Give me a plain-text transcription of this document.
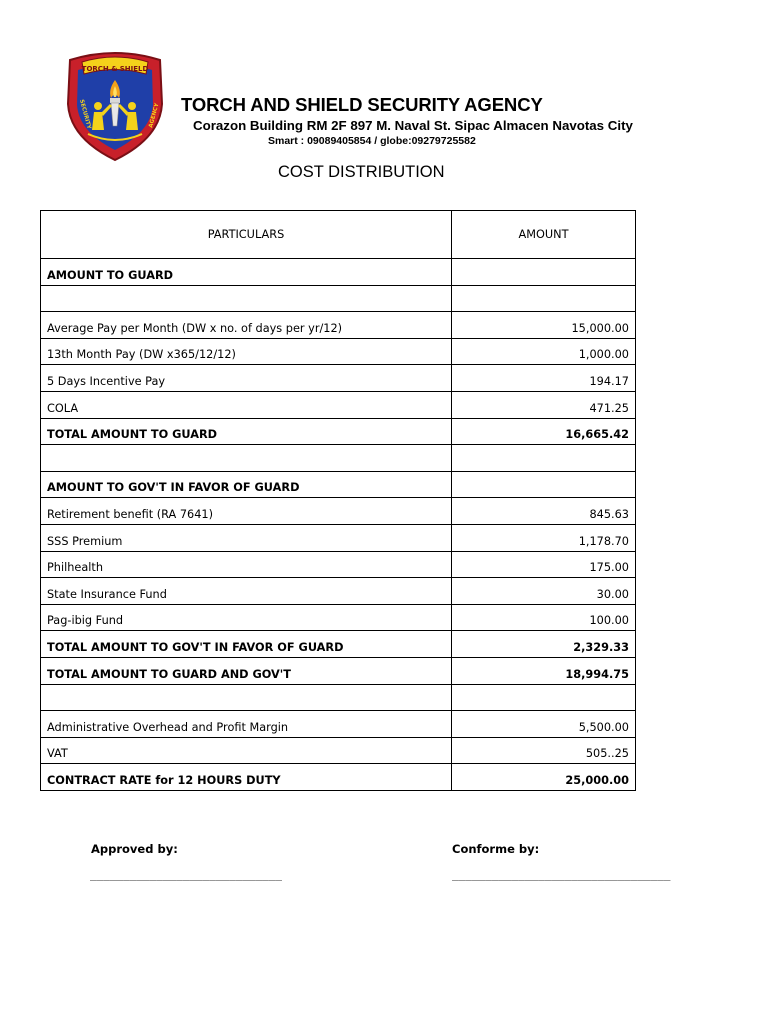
TORCH & SHIELD
SECURITY	AGENCY TORCH AND SHIELD SECURITY AGENCY
Corazon Building RM 2F 897 M. Naval St. Sipac Almacen Navotas City
Smart : 09089405854 / globe:09279725582
COST DISTRIBUTION
PARTICULARS	AMOUNT
AMOUNT TO GUARD	

Average Pay per Month (DW x no. of days per yr/12)	15,000.00
13th Month Pay (DW x365/12/12)	1,000.00
5 Days Incentive Pay	194.17
COLA	471.25
TOTAL AMOUNT TO GUARD	16,665.42

AMOUNT TO GOV'T IN FAVOR OF GUARD	
Retirement benefit (RA 7641)	845.63
SSS Premium	1,178.70
Philhealth	175.00
State Insurance Fund	30.00
Pag-ibig Fund	100.00
TOTAL AMOUNT TO GOV'T IN FAVOR OF GUARD	2,329.33
TOTAL AMOUNT TO GUARD AND GOV'T	18,994.75

Administrative Overhead and Profit Margin	5,500.00
VAT	505..25
CONTRACT RATE for 12 HOURS DUTY	25,000.00
Approved by:
_____________________________
Conforme by:
_________________________________
